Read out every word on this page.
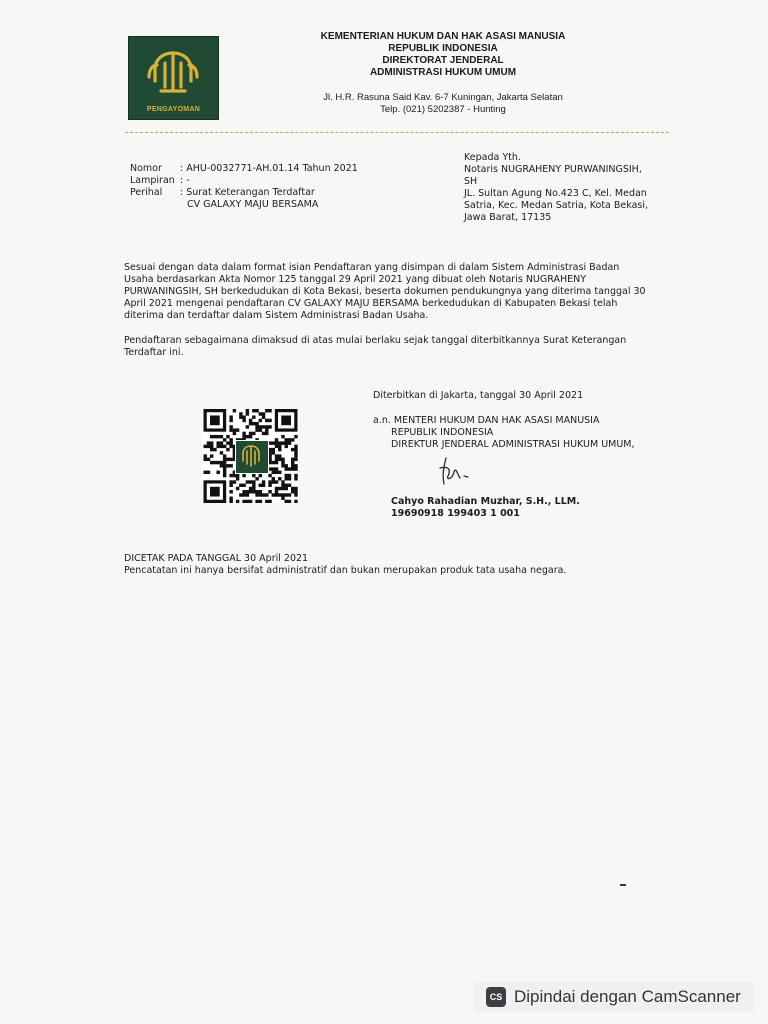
PENGAYOMAN
KEMENTERIAN HUKUM DAN HAK ASASI MANUSIA
REPUBLIK INDONESIA
DIREKTORAT JENDERAL
ADMINISTRASI HUKUM UMUM
Jl. H.R. Rasuna Said Kav. 6-7 Kuningan, Jakarta Selatan
Telp. (021) 5202387 - Hunting
Nomor	: AHU-0032771-AH.01.14 Tahun 2021
Lampiran : -
Perihal	: Surat Keterangan Terdaftar
CV GALAXY MAJU BERSAMA
Kepada Yth.
Notaris NUGRAHENY PURWANINGSIH,
SH
JL. Sultan Agung No.423 C, Kel. Medan
Satria, Kec. Medan Satria, Kota Bekasi,
Jawa Barat, 17135
Sesuai dengan data dalam format isian Pendaftaran yang disimpan di dalam Sistem Administrasi Badan
Usaha berdasarkan Akta Nomor 125 tanggal 29 April 2021 yang dibuat oleh Notaris NUGRAHENY
PURWANINGSIH, SH berkedudukan di Kota Bekasi, beserta dokumen pendukungnya yang diterima tanggal 30
April 2021 mengenai pendaftaran CV GALAXY MAJU BERSAMA berkedudukan di Kabupaten Bekasi telah
diterima dan terdaftar dalam Sistem Administrasi Badan Usaha.
Pendaftaran sebagaimana dimaksud di atas mulai berlaku sejak tanggal diterbitkannya Surat Keterangan
Terdaftar ini.
Diterbitkan di Jakarta, tanggal 30 April 2021
a.n. MENTERI HUKUM DAN HAK ASASI MANUSIA
REPUBLIK INDONESIA
DIREKTUR JENDERAL ADMINISTRASI HUKUM UMUM,
Cahyo Rahadian Muzhar, S.H., LLM.
19690918 199403 1 001
DICETAK PADA TANGGAL 30 April 2021
Pencatatan ini hanya bersifat administratif dan bukan merupakan produk tata usaha negara.
CS Dipindai dengan CamScanner
